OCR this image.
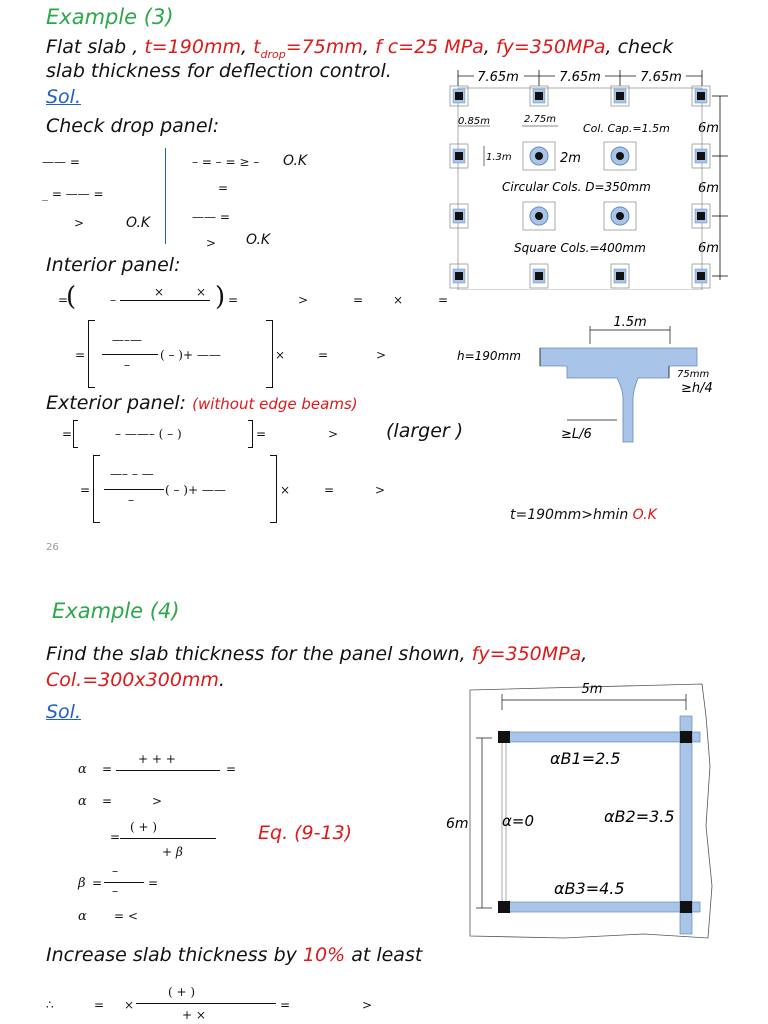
Example (3)
Flat slab , t=190mm, $t_{drop}=75mm$, f c=25 MPa, fy=350MPa, check
slab thickness for deflection control.
Sol.
Check drop panel:
—— =
_ = —— =
>	O.K
– = – = ≥ – O.K
=
—— =
> O.K
Interior panel:
=
(	–
×	× ) =	>	= ×	=
=
—–—
–
( – )+ ——	×	=	>
Exterior panel: (without edge beams)
=	– ——– ( – )	=	>	(larger )
=
—– – —
–
( – )+ ——	×	=	>
t=190mm>hmin O.K
26
7.65m	7.65m	7.65m
6m
6m
6m
0.85m	2.75m
Col. Cap.=1.5m
1.3m	2m
Circular Cols. D=350mm
Square Cols.=400mm
1.5m
h=190mm
75mm
≥h/4
≥L/6
Example (4)
Find the slab thickness for the panel shown, fy=350MPa,
Col.=300x300mm.
Sol.
α =
+ + +
=
α =	>
=
( + )
+ β
Eq. (9-13)
β =
–
–
=
α = <
Increase slab thickness by 10% at least
∴	= ×
( + )
+ ×
=	>
5m
6m
αB1=2.5
αB2=3.5
α=0
αB3=4.5
